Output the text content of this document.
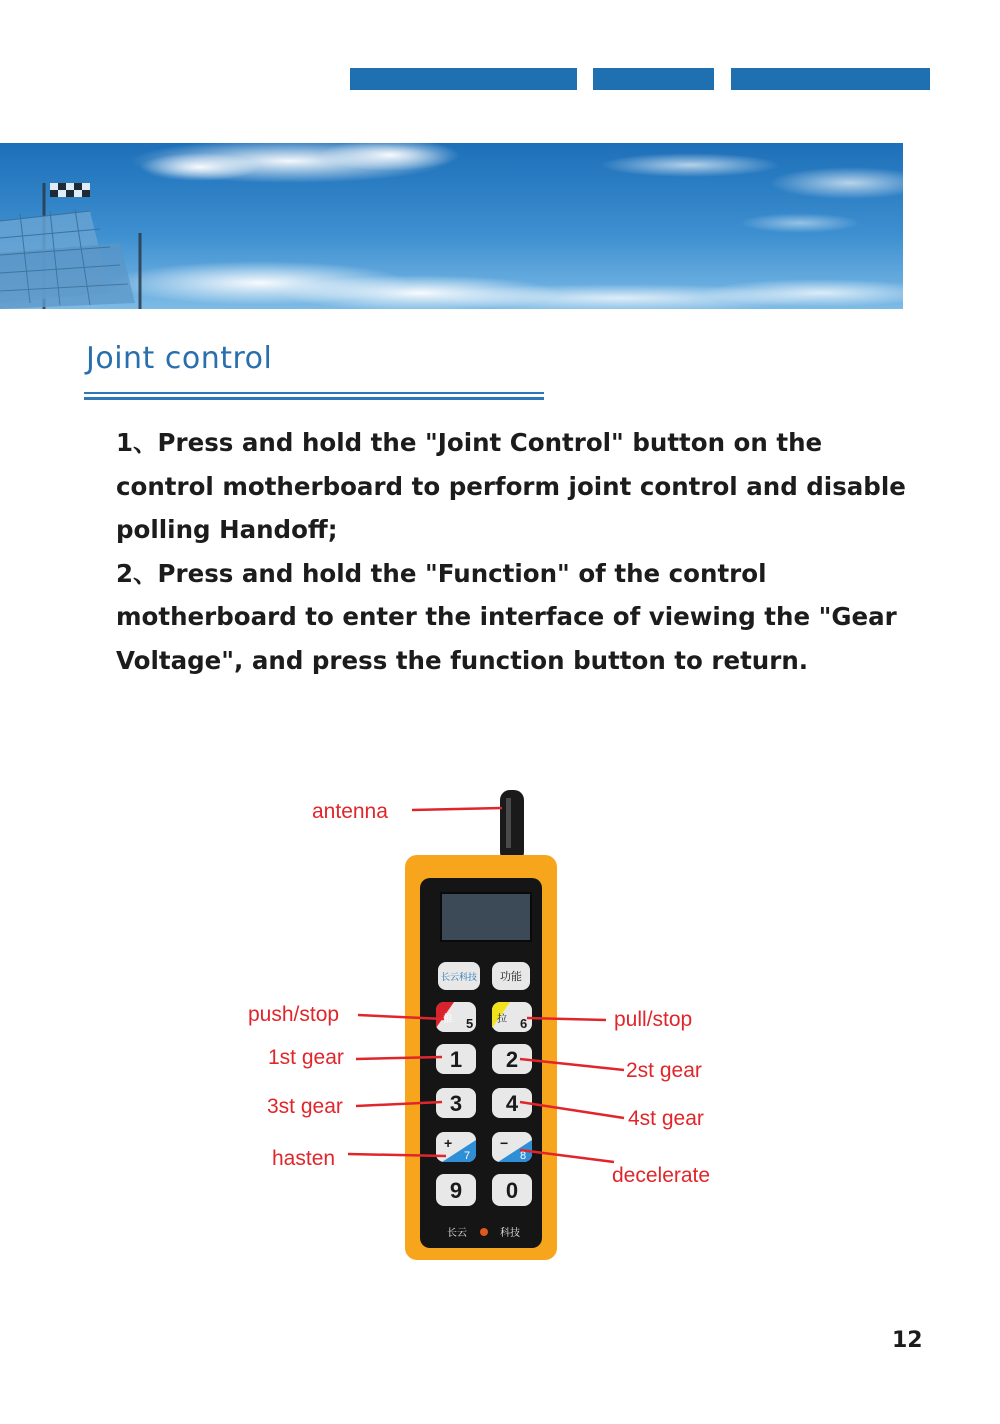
Joint control

1、Press and hold the "Joint Control" button on the control motherboard to perform joint control and disable polling Handoff;

2、Press and hold the "Function" of the control motherboard to enter the interface of viewing the "Gear Voltage", and press the function button to return.

长云科技 功能
推 5 拉 6
1 2
3 4
+
7
−
8
9 0
长云	科技
antenna
push/stop	pull/stop
1st gear
2st gear
3st gear
4st gear
hasten
decelerate
12
